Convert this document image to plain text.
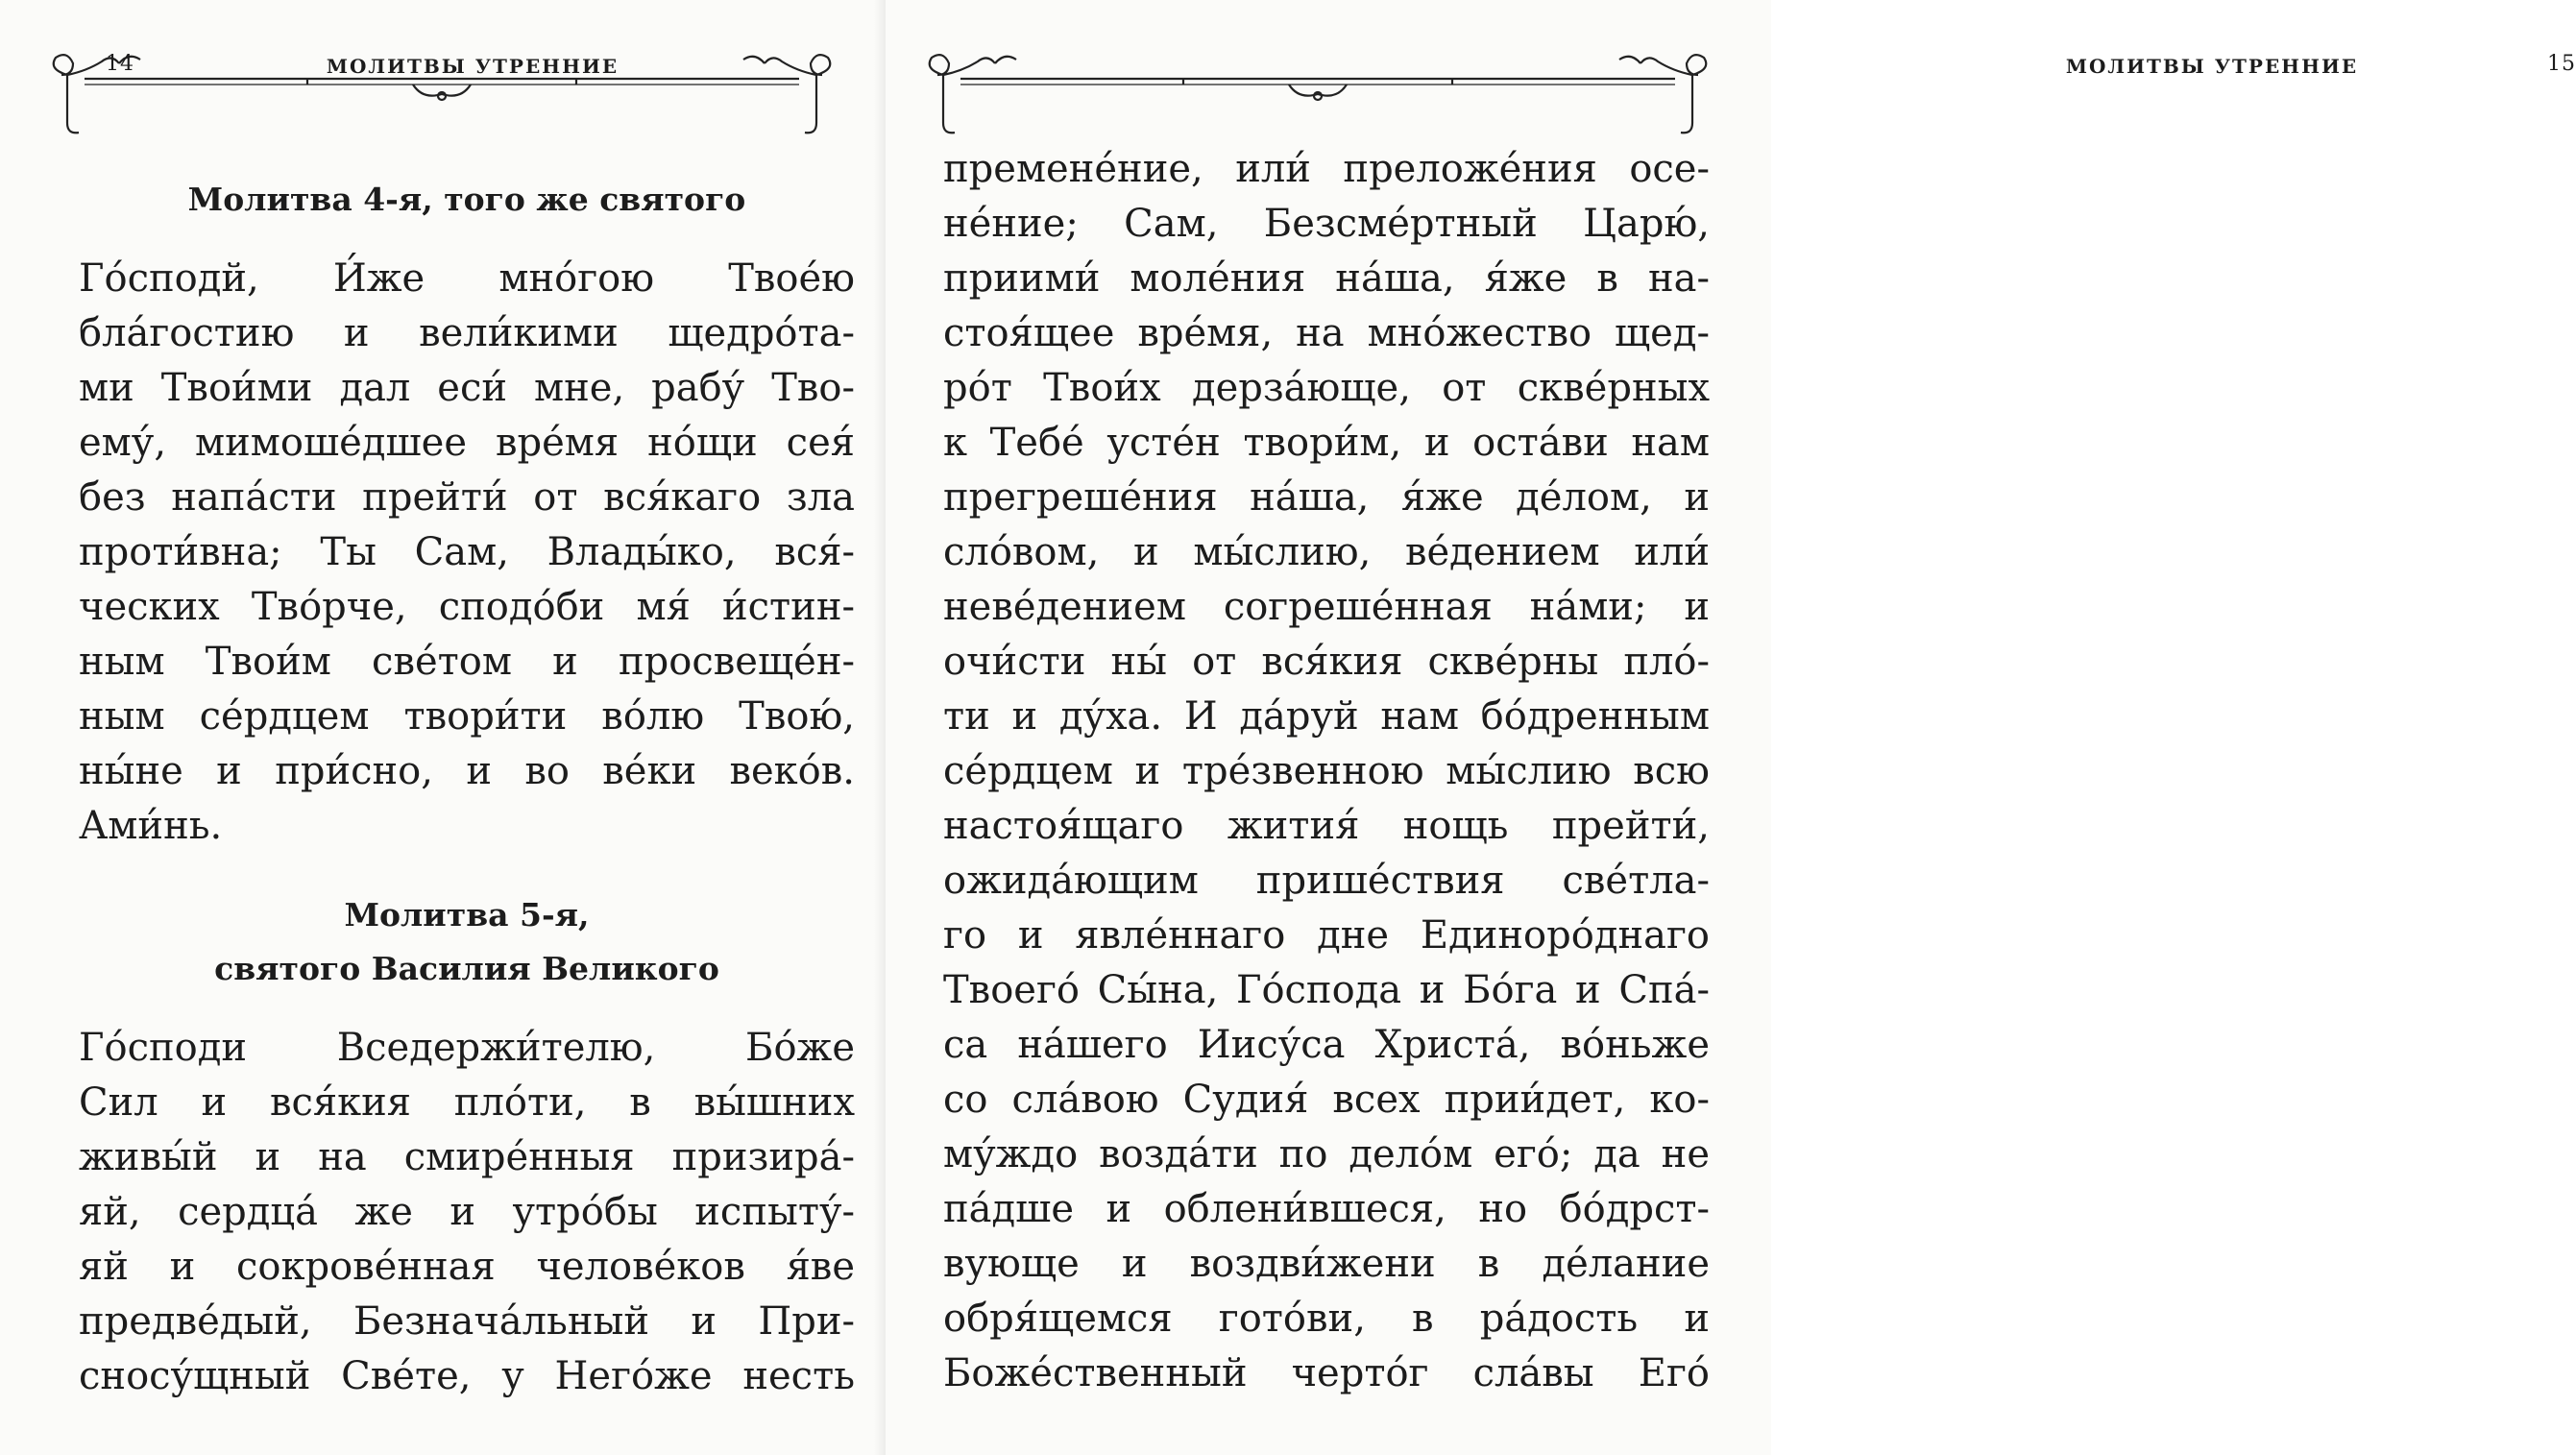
14	МОЛИТВЫ УТРЕННИЕ
Молитва 4-я, того же святого
Го́сподй, И́же мно́гою Твое́ю
бла́гостию и вели́кими щедро́та-
ми Твои́ми дал еси́ мне, рабу́ Тво-
ему́, мимоше́дшее вре́мя но́щи сея́
без напа́сти прейти́ от вся́каго зла
проти́вна; Ты Сам, Влады́ко, вся́-
ческих Тво́рче, сподо́би мя́ и́стин-
ным Твои́м све́том и просвеще́н-
ным се́рдцем твори́ти во́лю Твою́,
ны́не и при́сно, и во ве́ки веко́в.
Ами́нь.
Молитва 5-я,
святого Василия Великого
Го́споди Вседержи́телю, Бо́же
Сил и вся́кия пло́ти, в вы́шних
живы́й и на смире́нныя призира́-
яй, сердца́ же и утро́бы испыту́-
яй и сокрове́нная челове́ков я́ве
предве́дый, Безнача́льный и При-
сносу́щный Све́те, у Него́же несть
МОЛИТВЫ УТРЕННИЕ	15
премене́ние, или́ преложе́ния осе-
не́ние; Сам, Безсме́ртный Царю́,
приими́ моле́ния на́ша, я́же в на-
стоя́щее вре́мя, на мно́жество щед-
ро́т Твои́х дерза́юще, от скве́рных
к Тебе́ усте́н твори́м, и оста́ви нам
прегреше́ния на́ша, я́же де́лом, и
сло́вом, и мы́слию, ве́дением или́
неве́дением согреше́нная на́ми; и
очи́сти ны́ от вся́кия скве́рны пло́-
ти и ду́ха. И да́руй нам бо́дренным
се́рдцем и тре́звенною мы́слию всю
настоя́щаго жития́ нощь прейти́,
ожида́ющим прише́ствия све́тла-
го и явле́ннаго дне Единоро́днаго
Твоего́ Сы́на, Го́спода и Бо́га и Спа́-
са на́шего Иису́са Христа́, во́ньже
со сла́вою Судия́ всех прии́дет, ко-
му́ждо возда́ти по дело́м его́; да не
па́дше и облени́вшеся, но бо́дрст-
вующе и воздви́жени в де́лание
обря́щемся гото́ви, в ра́дость и
Боже́ственный черто́г сла́вы Его́
